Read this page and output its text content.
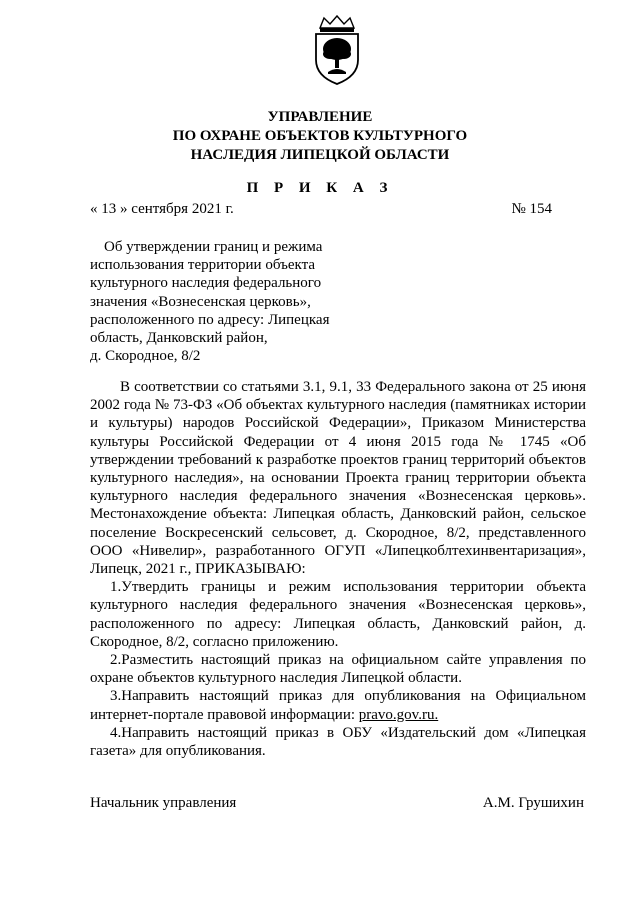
УПРАВЛЕНИЕ
ПО ОХРАНЕ ОБЪЕКТОВ КУЛЬТУРНОГО
НАСЛЕДИЯ ЛИПЕЦКОЙ ОБЛАСТИ
П Р И К А З
« 13 » сентября 2021 г.	№ 154
Об утверждении границ и режима
использования территории объекта
культурного наследия федерального
значения «Вознесенская церковь»,
расположенного по адресу: Липецкая
область, Данковский район,
д. Скородное, 8/2

В соответствии со статьями 3.1, 9.1, 33 Федерального закона от 25 июня 2002 года № 73-ФЗ «Об объектах культурного наследия (памятниках истории и культуры) народов Российской Федерации», Приказом Министерства культуры Российской Федерации от 4 июня 2015 года № 1745 «Об утверждении требований к разработке проектов границ территорий объектов культурного наследия», на основании Проекта границ территории объекта культурного наследия федерального значения «Вознесенская церковь». Местонахождение объекта: Липецкая область, Данковский район, сельское поселение Воскресенский сельсовет, д. Скородное, 8/2, представленного ООО «Нивелир», разработанного ОГУП «Липецкоблтехинвентаризация», Липецк, 2021 г., ПРИКАЗЫВАЮ:

1.Утвердить границы и режим использования территории объекта культурного наследия федерального значения «Вознесенская церковь», расположенного по адресу: Липецкая область, Данковский район, д. Скородное, 8/2, согласно приложению.

2.Разместить настоящий приказ на официальном сайте управления по охране объектов культурного наследия Липецкой области.

3.Направить настоящий приказ для опубликования на Официальном интернет-портале правовой информации: pravo.gov.ru.

4.Направить настоящий приказ в ОБУ «Издательский дом «Липецкая газета» для опубликования.

Начальник управления	А.М. Грушихин
